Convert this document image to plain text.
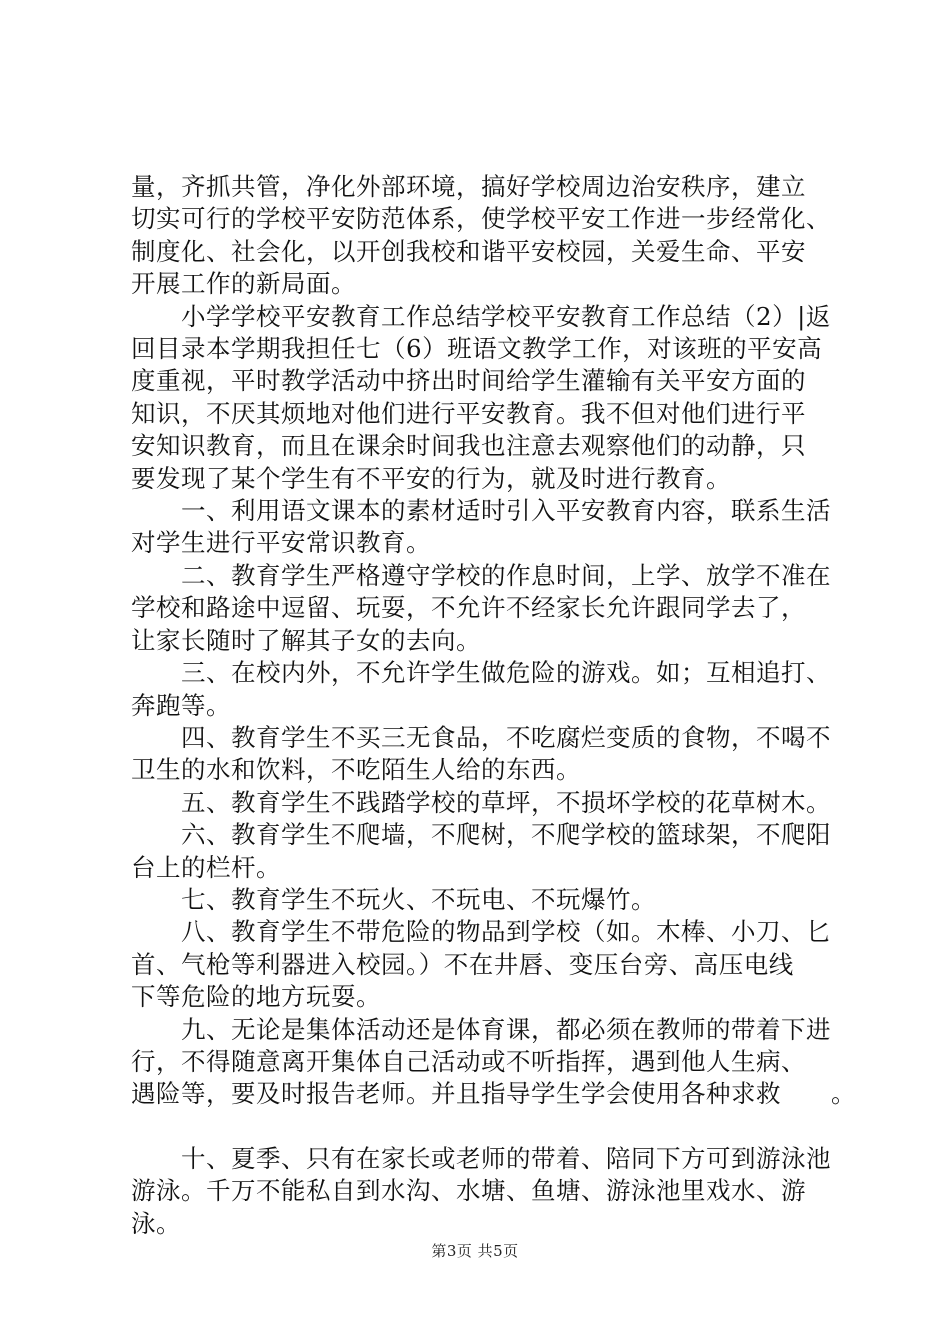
量，齐抓共管，净化外部环境，搞好学校周边治安秩序，建立
切实可行的学校平安防范体系，使学校平安工作进一步经常化、
制度化、社会化，以开创我校和谐平安校园，关爱生命、平安
开展工作的新局面。

小学学校平安教育工作总结学校平安教育工作总结（2）|返
回目录本学期我担任七（6）班语文教学工作，对该班的平安高
度重视，平时教学活动中挤出时间给学生灌输有关平安方面的
知识，不厌其烦地对他们进行平安教育。我不但对他们进行平
安知识教育，而且在课余时间我也注意去观察他们的动静，只
要发现了某个学生有不平安的行为，就及时进行教育。

一、利用语文课本的素材适时引入平安教育内容，联系生活
对学生进行平安常识教育。

二、教育学生严格遵守学校的作息时间，上学、放学不准在
学校和路途中逗留、玩耍，不允许不经家长允许跟同学去了，
让家长随时了解其子女的去向。

三、在校内外，不允许学生做危险的游戏。如；互相追打、
奔跑等。

四、教育学生不买三无食品，不吃腐烂变质的食物，不喝不
卫生的水和饮料，不吃陌生人给的东西。

五、教育学生不践踏学校的草坪，不损坏学校的花草树木。

六、教育学生不爬墙，不爬树，不爬学校的篮球架，不爬阳
台上的栏杆。

七、教育学生不玩火、不玩电、不玩爆竹。

八、教育学生不带危险的物品到学校（如。木棒、小刀、匕
首、气枪等利器进入校园。）不在井唇、变压台旁、高压电线
下等危险的地方玩耍。

九、无论是集体活动还是体育课，都必须在教师的带着下进
行，不得随意离开集体自己活动或不听指挥，遇到他人生病、
遇险等，要及时报告老师。并且指导学生学会使用各种求救　　。

十、夏季、只有在家长或老师的带着、陪同下方可到游泳池
游泳。千万不能私自到水沟、水塘、鱼塘、游泳池里戏水、游
泳。

第3页 共5页
